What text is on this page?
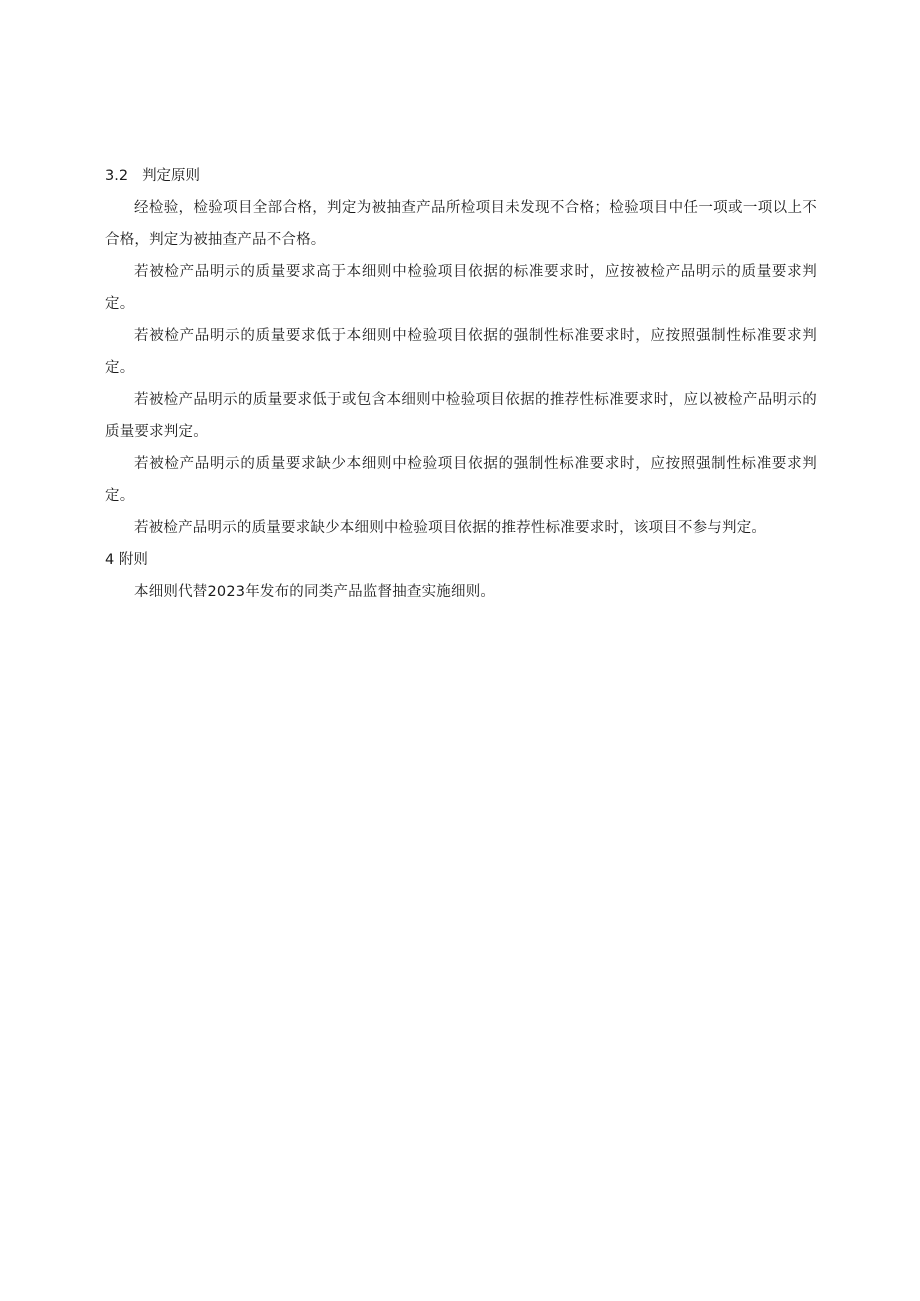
3.2 判定原则

经检验，检验项目全部合格，判定为被抽查产品所检项目未发现不合格；检验项目中任一项或一项以上不合格，判定为被抽查产品不合格。

若被检产品明示的质量要求高于本细则中检验项目依据的标准要求时，应按被检产品明示的质量要求判定。

若被检产品明示的质量要求低于本细则中检验项目依据的强制性标准要求时，应按照强制性标准要求判定。

若被检产品明示的质量要求低于或包含本细则中检验项目依据的推荐性标准要求时，应以被检产品明示的质量要求判定。

若被检产品明示的质量要求缺少本细则中检验项目依据的强制性标准要求时，应按照强制性标准要求判定。

若被检产品明示的质量要求缺少本细则中检验项目依据的推荐性标准要求时，该项目不参与判定。

4 附则

本细则代替2023年发布的同类产品监督抽查实施细则。
